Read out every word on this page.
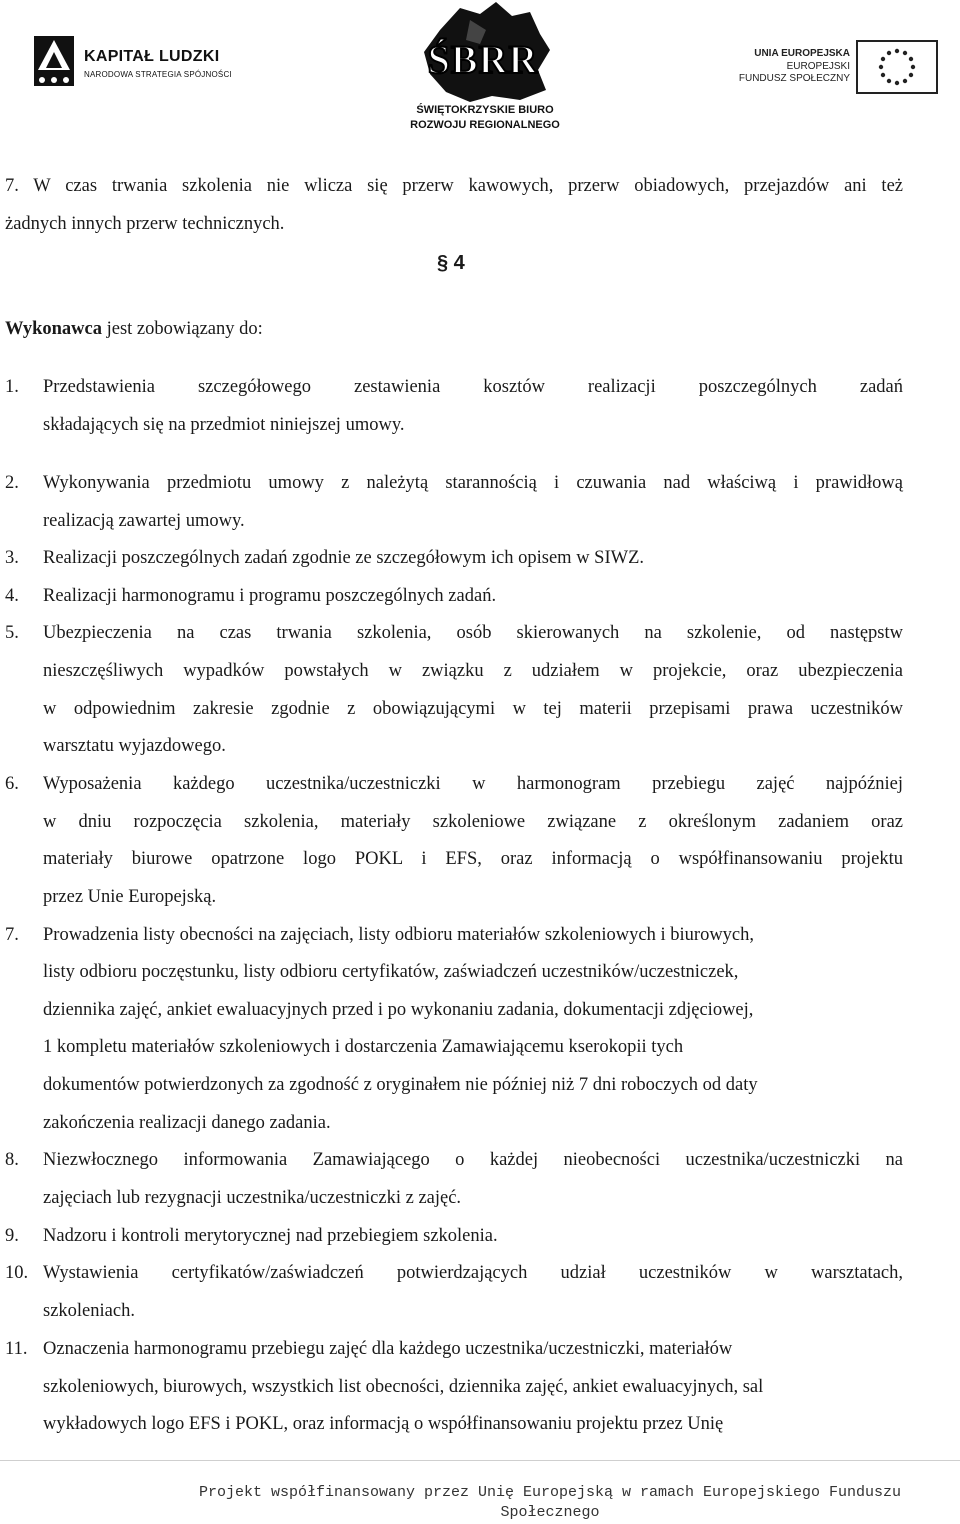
KAPITAŁ LUDZKI
NARODOWA STRATEGIA SPÓJNOŚCI	ŚBRR
ŚWIĘTOKRZYSKIE BIURO
ROZWOJU REGIONALNEGO
UNIA EUROPEJSKA
EUROPEJSKI
FUNDUSZ SPOŁECZNY
7. W czas trwania szkolenia nie wlicza się przerw kawowych, przerw obiadowych, przejazdów ani też
żadnych innych przerw technicznych.
§ 4
Wykonawca jest zobowiązany do:
1. Przedstawienia szczegółowego zestawienia kosztów realizacji poszczególnych zadań
składających się na przedmiot niniejszej umowy.
2. Wykonywania przedmiotu umowy z należytą starannością i czuwania nad właściwą i prawidłową
realizacją zawartej umowy.
3. Realizacji poszczególnych zadań zgodnie ze szczegółowym ich opisem w SIWZ.
4. Realizacji harmonogramu i programu poszczególnych zadań.
5. Ubezpieczenia na czas trwania szkolenia, osób skierowanych na szkolenie, od następstw
nieszczęśliwych wypadków powstałych w związku z udziałem w projekcie, oraz ubezpieczenia
w odpowiednim zakresie zgodnie z obowiązującymi w tej materii przepisami prawa uczestników
warsztatu wyjazdowego.
6. Wyposażenia każdego uczestnika/uczestniczki w harmonogram przebiegu zajęć najpóźniej
w dniu rozpoczęcia szkolenia, materiały szkoleniowe związane z określonym zadaniem oraz
materiały biurowe opatrzone logo POKL i EFS, oraz informacją o współfinansowaniu projektu
przez Unie Europejską.
7. Prowadzenia listy obecności na zajęciach, listy odbioru materiałów szkoleniowych i biurowych,
listy odbioru poczęstunku, listy odbioru certyfikatów, zaświadczeń uczestników/uczestniczek,
dziennika zajęć, ankiet ewaluacyjnych przed i po wykonaniu zadania, dokumentacji zdjęciowej,
1 kompletu materiałów szkoleniowych i dostarczenia Zamawiającemu kserokopii tych
dokumentów potwierdzonych za zgodność z oryginałem nie później niż 7 dni roboczych od daty
zakończenia realizacji danego zadania.
8. Niezwłocznego informowania Zamawiającego o każdej nieobecności uczestnika/uczestniczki na
zajęciach lub rezygnacji uczestnika/uczestniczki z zajęć.
9. Nadzoru i kontroli merytorycznej nad przebiegiem szkolenia.
10. Wystawienia certyfikatów/zaświadczeń potwierdzających udział uczestników w warsztatach,
szkoleniach.
11. Oznaczenia harmonogramu przebiegu zajęć dla każdego uczestnika/uczestniczki, materiałów
szkoleniowych, biurowych, wszystkich list obecności, dziennika zajęć, ankiet ewaluacyjnych, sal
wykładowych logo EFS i POKL, oraz informacją o współfinansowaniu projektu przez Unię
Projekt współfinansowany przez Unię Europejską w ramach Europejskiego Funduszu
Społecznego
